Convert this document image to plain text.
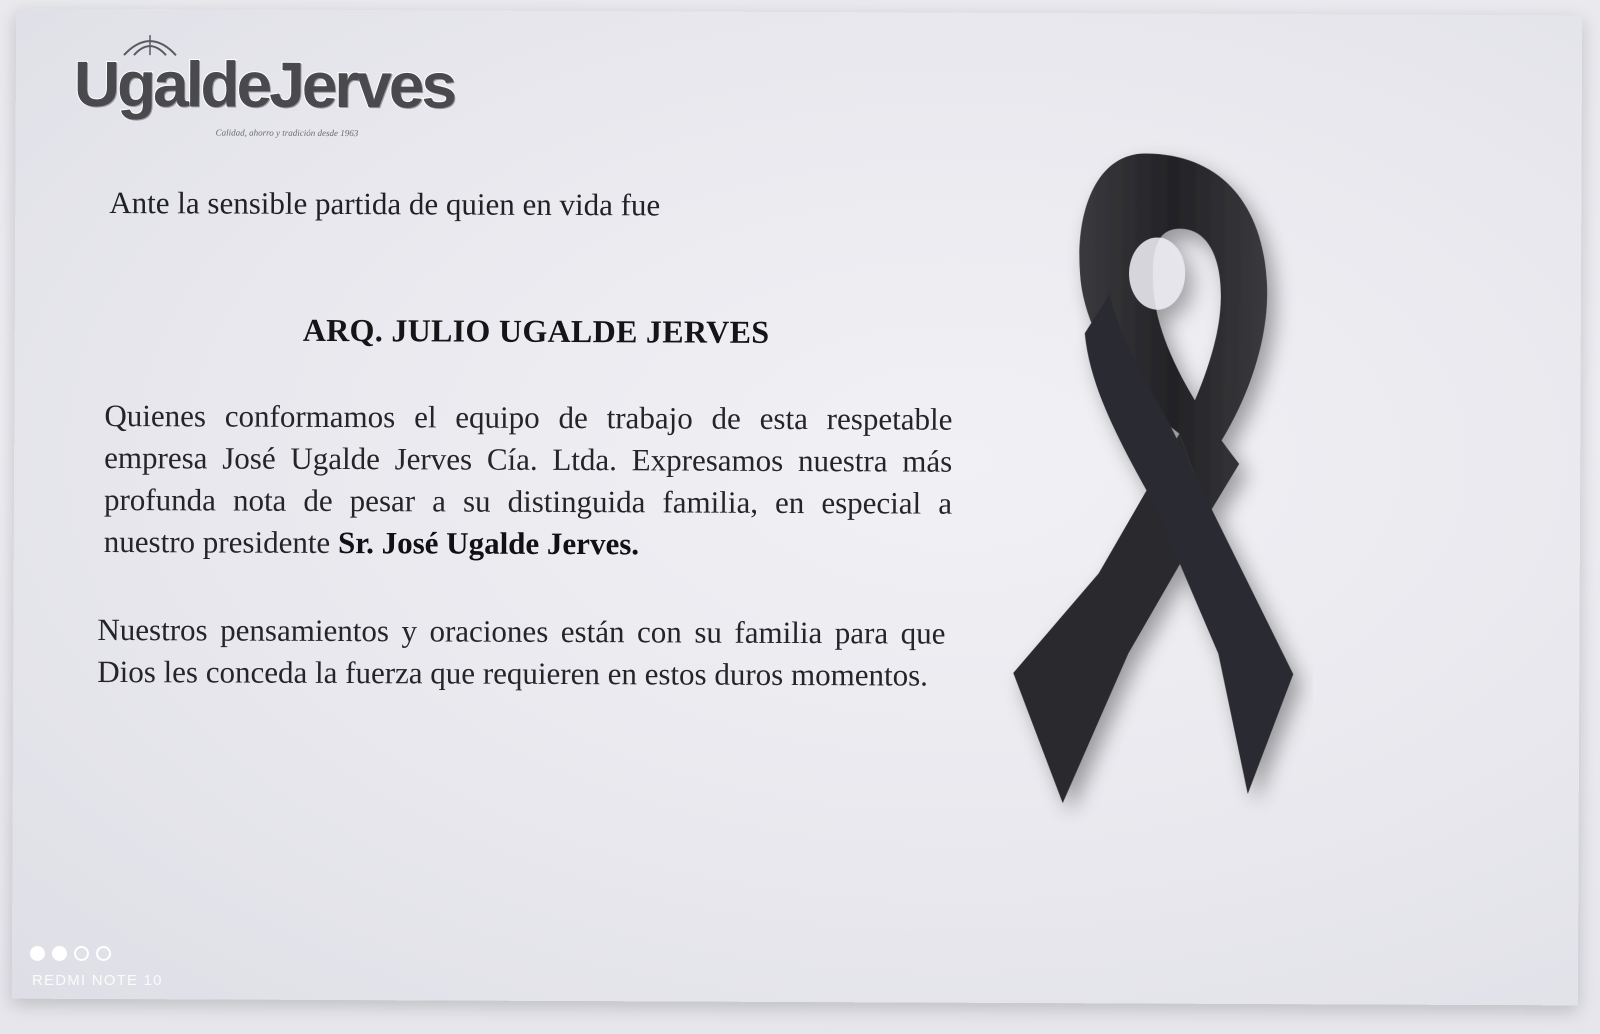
UgaldeJerves
Calidad, ahorro y tradición desde 1963
Ante la sensible partida de quien en vida fue
ARQ. JULIO UGALDE JERVES
Quienes conformamos el equipo de trabajo de esta respetable empresa José Ugalde Jerves Cía. Ltda. Expresamos nuestra más profunda nota de pesar a su distinguida familia, en especial a nuestro presidente Sr. José Ugalde Jerves.
Nuestros pensamientos y oraciones están con su familia para que Dios les conceda la fuerza que requieren en estos duros momentos.
REDMI NOTE 10
